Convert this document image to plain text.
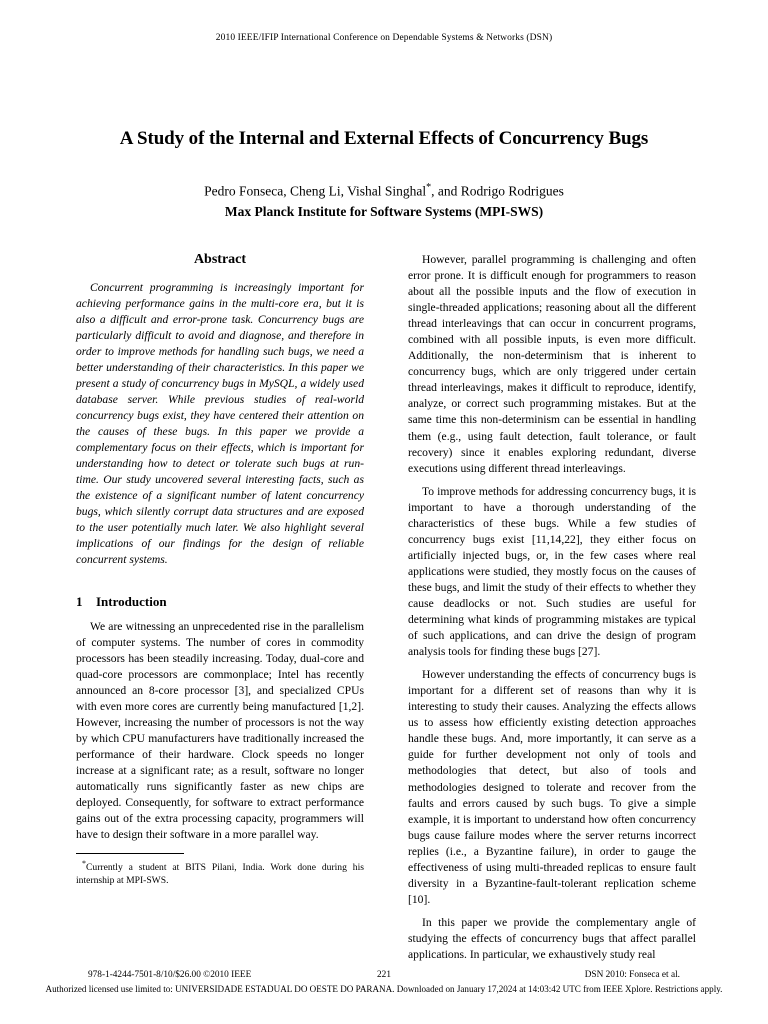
2010 IEEE/IFIP International Conference on Dependable Systems & Networks (DSN)
A Study of the Internal and External Effects of Concurrency Bugs
Pedro Fonseca, Cheng Li, Vishal Singhal*, and Rodrigo Rodrigues
Max Planck Institute for Software Systems (MPI-SWS)
Abstract

Concurrent programming is increasingly important for achieving performance gains in the multi-core era, but it is also a difficult and error-prone task. Concurrency bugs are particularly difficult to avoid and diagnose, and therefore in order to improve methods for handling such bugs, we need a better understanding of their characteristics. In this paper we present a study of concurrency bugs in MySQL, a widely used database server. While previous studies of real-world concurrency bugs exist, they have centered their attention on the causes of these bugs. In this paper we provide a complementary focus on their effects, which is important for understanding how to detect or tolerate such bugs at run-time. Our study uncovered several interesting facts, such as the existence of a significant number of latent concurrency bugs, which silently corrupt data structures and are exposed to the user potentially much later. We also highlight several implications of our findings for the design of reliable concurrent systems.

1 Introduction

We are witnessing an unprecedented rise in the parallelism of computer systems. The number of cores in commodity processors has been steadily increasing. Today, dual-core and quad-core processors are commonplace; Intel has recently announced an 8-core processor [3], and specialized CPUs with even more cores are currently being manufactured [1,2]. However, increasing the number of processors is not the way by which CPU manufacturers have traditionally increased the performance of their hardware. Clock speeds no longer increase at a significant rate; as a result, software no longer automatically runs significantly faster as new chips are deployed. Consequently, for software to extract performance gains out of the extra processing capacity, programmers will have to design their software in a more parallel way.

*Currently a student at BITS Pilani, India. Work done during his internship at MPI-SWS.

However, parallel programming is challenging and often error prone. It is difficult enough for programmers to reason about all the possible inputs and the flow of execution in single-threaded applications; reasoning about all the different thread interleavings that can occur in concurrent programs, combined with all possible inputs, is even more difficult. Additionally, the non-determinism that is inherent to concurrency bugs, which are only triggered under certain thread interleavings, makes it difficult to reproduce, identify, analyze, or correct such programming mistakes. But at the same time this non-determinism can be essential in handling them (e.g., using fault detection, fault tolerance, or fault recovery) since it enables exploring redundant, diverse executions using different thread interleavings.

To improve methods for addressing concurrency bugs, it is important to have a thorough understanding of the characteristics of these bugs. While a few studies of concurrency bugs exist [11,14,22], they either focus on artificially injected bugs, or, in the few cases where real applications were studied, they mostly focus on the causes of these bugs, and limit the study of their effects to whether they cause deadlocks or not. Such studies are useful for determining what kinds of programming mistakes are typical of such applications, and can drive the design of program analysis tools for finding these bugs [27].

However understanding the effects of concurrency bugs is important for a different set of reasons than why it is interesting to study their causes. Analyzing the effects allows us to assess how efficiently existing detection approaches handle these bugs. And, more importantly, it can serve as a guide for further development not only of tools and methodologies that detect, but also of tools and methodologies designed to tolerate and recover from the faults and errors caused by such bugs. To give a simple example, it is important to understand how often concurrency bugs cause failure modes where the server returns incorrect replies (i.e., a Byzantine failure), in order to gauge the effectiveness of using multi-threaded replicas to ensure fault diversity in a Byzantine-fault-tolerant replication scheme [10].

In this paper we provide the complementary angle of studying the effects of concurrency bugs that affect parallel applications. In particular, we exhaustively study real

978-1-4244-7501-8/10/$26.00 ©2010 IEEE	221	DSN 2010: Fonseca et al.
Authorized licensed use limited to: UNIVERSIDADE ESTADUAL DO OESTE DO PARANA. Downloaded on January 17,2024 at 14:03:42 UTC from IEEE Xplore. Restrictions apply.
